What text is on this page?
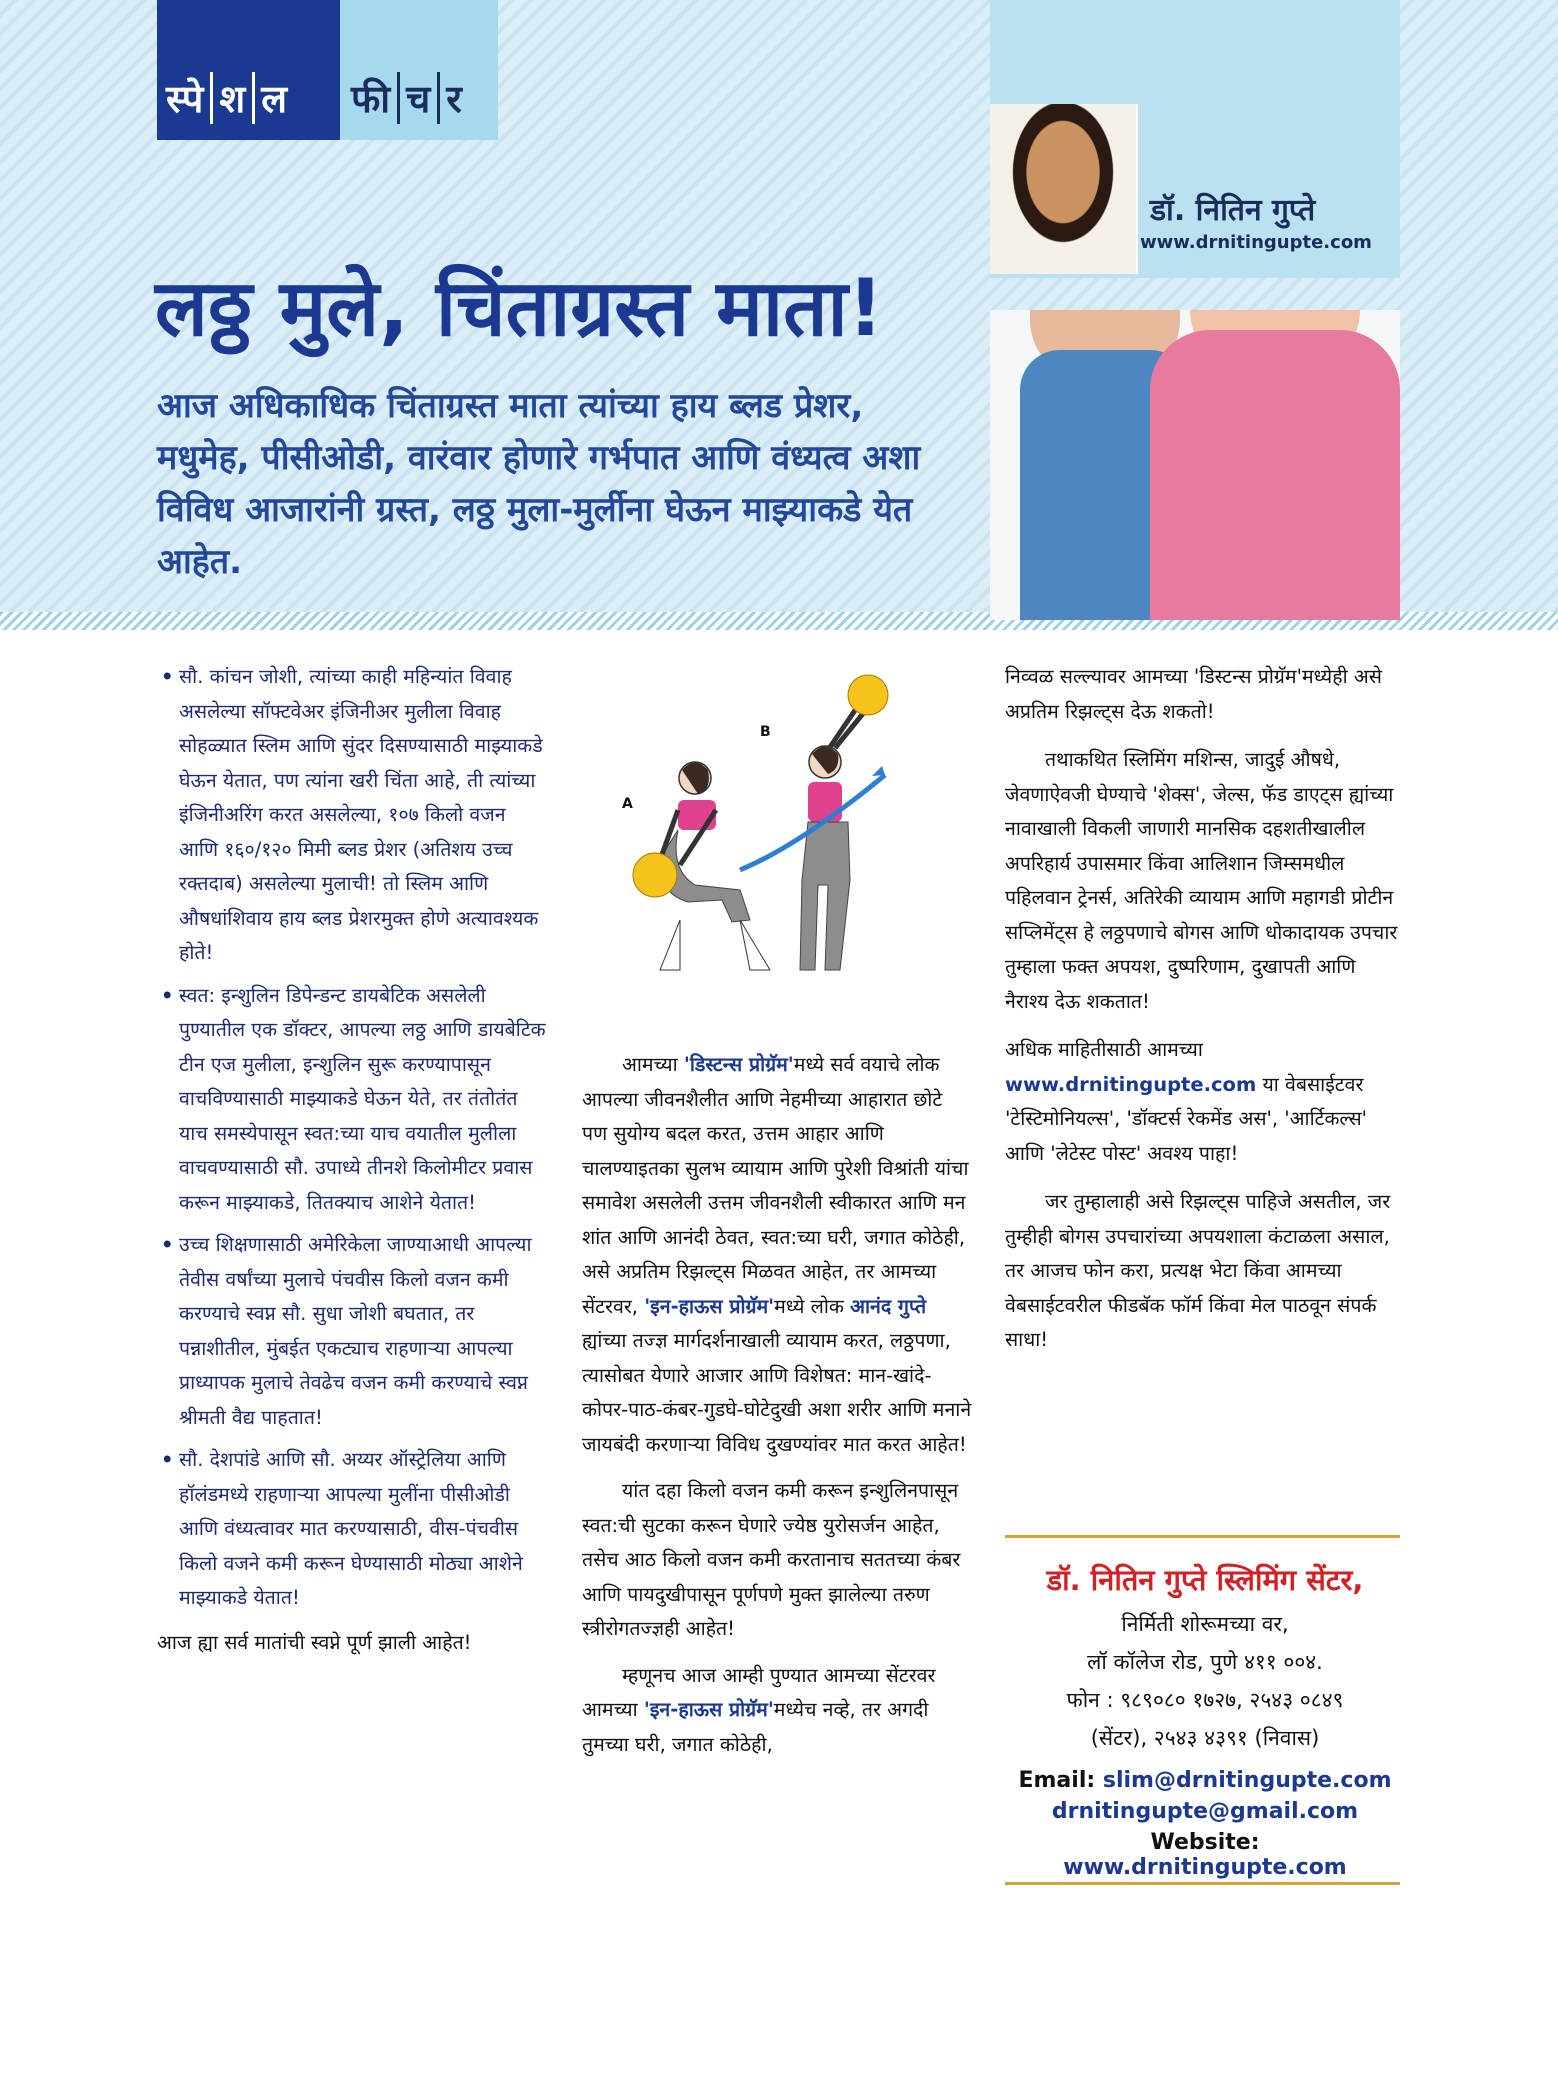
स्पे श ल फी च र
डॉ. नितिन गुप्ते
www.drnitingupte.com
लठ्ठ मुले, चिंताग्रस्त माता!
आज अधिकाधिक चिंताग्रस्त माता त्यांच्या हाय ब्लड प्रेशर, मधुमेह, पीसीओडी, वारंवार होणारे गर्भपात आणि वंध्यत्व अशा विविध आजारांनी ग्रस्त, लठ्ठ मुला-मुर्लीना घेऊन माझ्याकडे येत आहेत.

• सौ. कांचन जोशी, त्यांच्या काही महिन्यांत विवाह असलेल्या सॉफ्टवेअर इंजिनीअर मुलीला विवाह सोहळ्यात स्लिम आणि सुंदर दिसण्यासाठी माझ्याकडे घेऊन येतात, पण त्यांना खरी चिंता आहे, ती त्यांच्या इंजिनीअरिंग करत असलेल्या, १०७ किलो वजन आणि १६०/१२० मिमी ब्लड प्रेशर (अतिशय उच्च रक्तदाब) असलेल्या मुलाची! तो स्लिम आणि औषधांशिवाय हाय ब्लड प्रेशरमुक्त होणे अत्यावश्यक होते!

• स्वत: इन्शुलिन डिपेन्डन्ट डायबेटिक असलेली पुण्यातील एक डॉक्टर, आपल्या लठ्ठ आणि डायबेटिक टीन एज मुलीला, इन्शुलिन सुरू करण्यापासून वाचविण्यासाठी माझ्याकडे घेऊन येते, तर तंतोतंत याच समस्येपासून स्वत:च्या याच वयातील मुलीला वाचवण्यासाठी सौ. उपाध्ये तीनशे किलोमीटर प्रवास करून माझ्याकडे, तितक्याच आशेने येतात!

• उच्च शिक्षणासाठी अमेरिकेला जाण्याआधी आपल्या तेवीस वर्षांच्या मुलाचे पंचवीस किलो वजन कमी करण्याचे स्वप्न सौ. सुधा जोशी बघतात, तर पन्नाशीतील, मुंबईत एकट्याच राहणाऱ्या आपल्या प्राध्यापक मुलाचे तेवढेच वजन कमी करण्याचे स्वप्न श्रीमती वैद्य पाहतात!

• सौ. देशपांडे आणि सौ. अय्यर ऑस्ट्रेलिया आणि हॉलंडमध्ये राहणाऱ्या आपल्या मुलींना पीसीओडी आणि वंध्यत्वावर मात करण्यासाठी, वीस-पंचवीस किलो वजने कमी करून घेण्यासाठी मोठ्या आशेने माझ्याकडे येतात!

आज ह्या सर्व मातांची स्वप्ने पूर्ण झाली आहेत!

A
B

आमच्या 'डिस्टन्स प्रोग्रॅम'मध्ये सर्व वयाचे लोक आपल्या जीवनशैलीत आणि नेहमीच्या आहारात छोटे पण सुयोग्य बदल करत, उत्तम आहार आणि चालण्याइतका सुलभ व्यायाम आणि पुरेशी विश्रांती यांचा समावेश असलेली उत्तम जीवनशैली स्वीकारत आणि मन शांत आणि आनंदी ठेवत, स्वत:च्या घरी, जगात कोठेही, असे अप्रतिम रिझल्ट्स मिळवत आहेत, तर आमच्या सेंटरवर, 'इन-हाऊस प्रोग्रॅम'मध्ये लोक आनंद गुप्ते ह्यांच्या तज्ज्ञ मार्गदर्शनाखाली व्यायाम करत, लठ्ठपणा, त्यासोबत येणारे आजार आणि विशेषत: मान-खांदे-कोपर-पाठ-कंबर-गुडघे-घोटेदुखी अशा शरीर आणि मनाने जायबंदी करणाऱ्या विविध दुखण्यांवर मात करत आहेत!

यांत दहा किलो वजन कमी करून इन्शुलिनपासून स्वत:ची सुटका करून घेणारे ज्येष्ठ युरोसर्जन आहेत, तसेच आठ किलो वजन कमी करतानाच सततच्या कंबर आणि पायदुखीपासून पूर्णपणे मुक्त झालेल्या तरुण स्त्रीरोगतज्ज्ञही आहेत!

म्हणूनच आज आम्ही पुण्यात आमच्या सेंटरवर आमच्या 'इन-हाऊस प्रोग्रॅम'मध्येच नव्हे, तर अगदी तुमच्या घरी, जगात कोठेही,

निव्वळ सल्ल्यावर आमच्या 'डिस्टन्स प्रोग्रॅम'मध्येही असे अप्रतिम रिझल्ट्स देऊ शकतो!

तथाकथित स्लिमिंग मशिन्स, जादुई औषधे, जेवणाऐवजी घेण्याचे 'शेक्स', जेल्स, फॅड डाएट्स ह्यांच्या नावाखाली विकली जाणारी मानसिक दहशतीखालील अपरिहार्य उपासमार किंवा आलिशान जिम्समधील पहिलवान ट्रेनर्स, अतिरेकी व्यायाम आणि महागडी प्रोटीन सप्लिमेंट्स हे लठ्ठपणाचे बोगस आणि धोकादायक उपचार तुम्हाला फक्त अपयश, दुष्परिणाम, दुखापती आणि नैराश्य देऊ शकतात!

अधिक माहितीसाठी आमच्या
www.drnitingupte.com या वेबसाईटवर 'टेस्टिमोनियल्स', 'डॉक्टर्स रेकमेंड अस', 'आर्टिकल्स' आणि 'लेटेस्ट पोस्ट' अवश्य पाहा!

जर तुम्हालाही असे रिझल्ट्स पाहिजे असतील, जर तुम्हीही बोगस उपचारांच्या अपयशाला कंटाळला असाल, तर आजच फोन करा, प्रत्यक्ष भेटा किंवा आमच्या वेबसाईटवरील फीडबॅक फॉर्म किंवा मेल पाठवून संपर्क साधा!

डॉ. नितिन गुप्ते स्लिमिंग सेंटर,
निर्मिती शोरूमच्या वर,
लॉ कॉलेज रोड, पुणे ४११ ००४.
फोन : ९८९०८० १७२७, २५४३ ०८४९
(सेंटर), २५४३ ४३९१ (निवास)
Email: slim@drnitingupte.com
drnitingupte@gmail.com
Website: www.drnitingupte.com
